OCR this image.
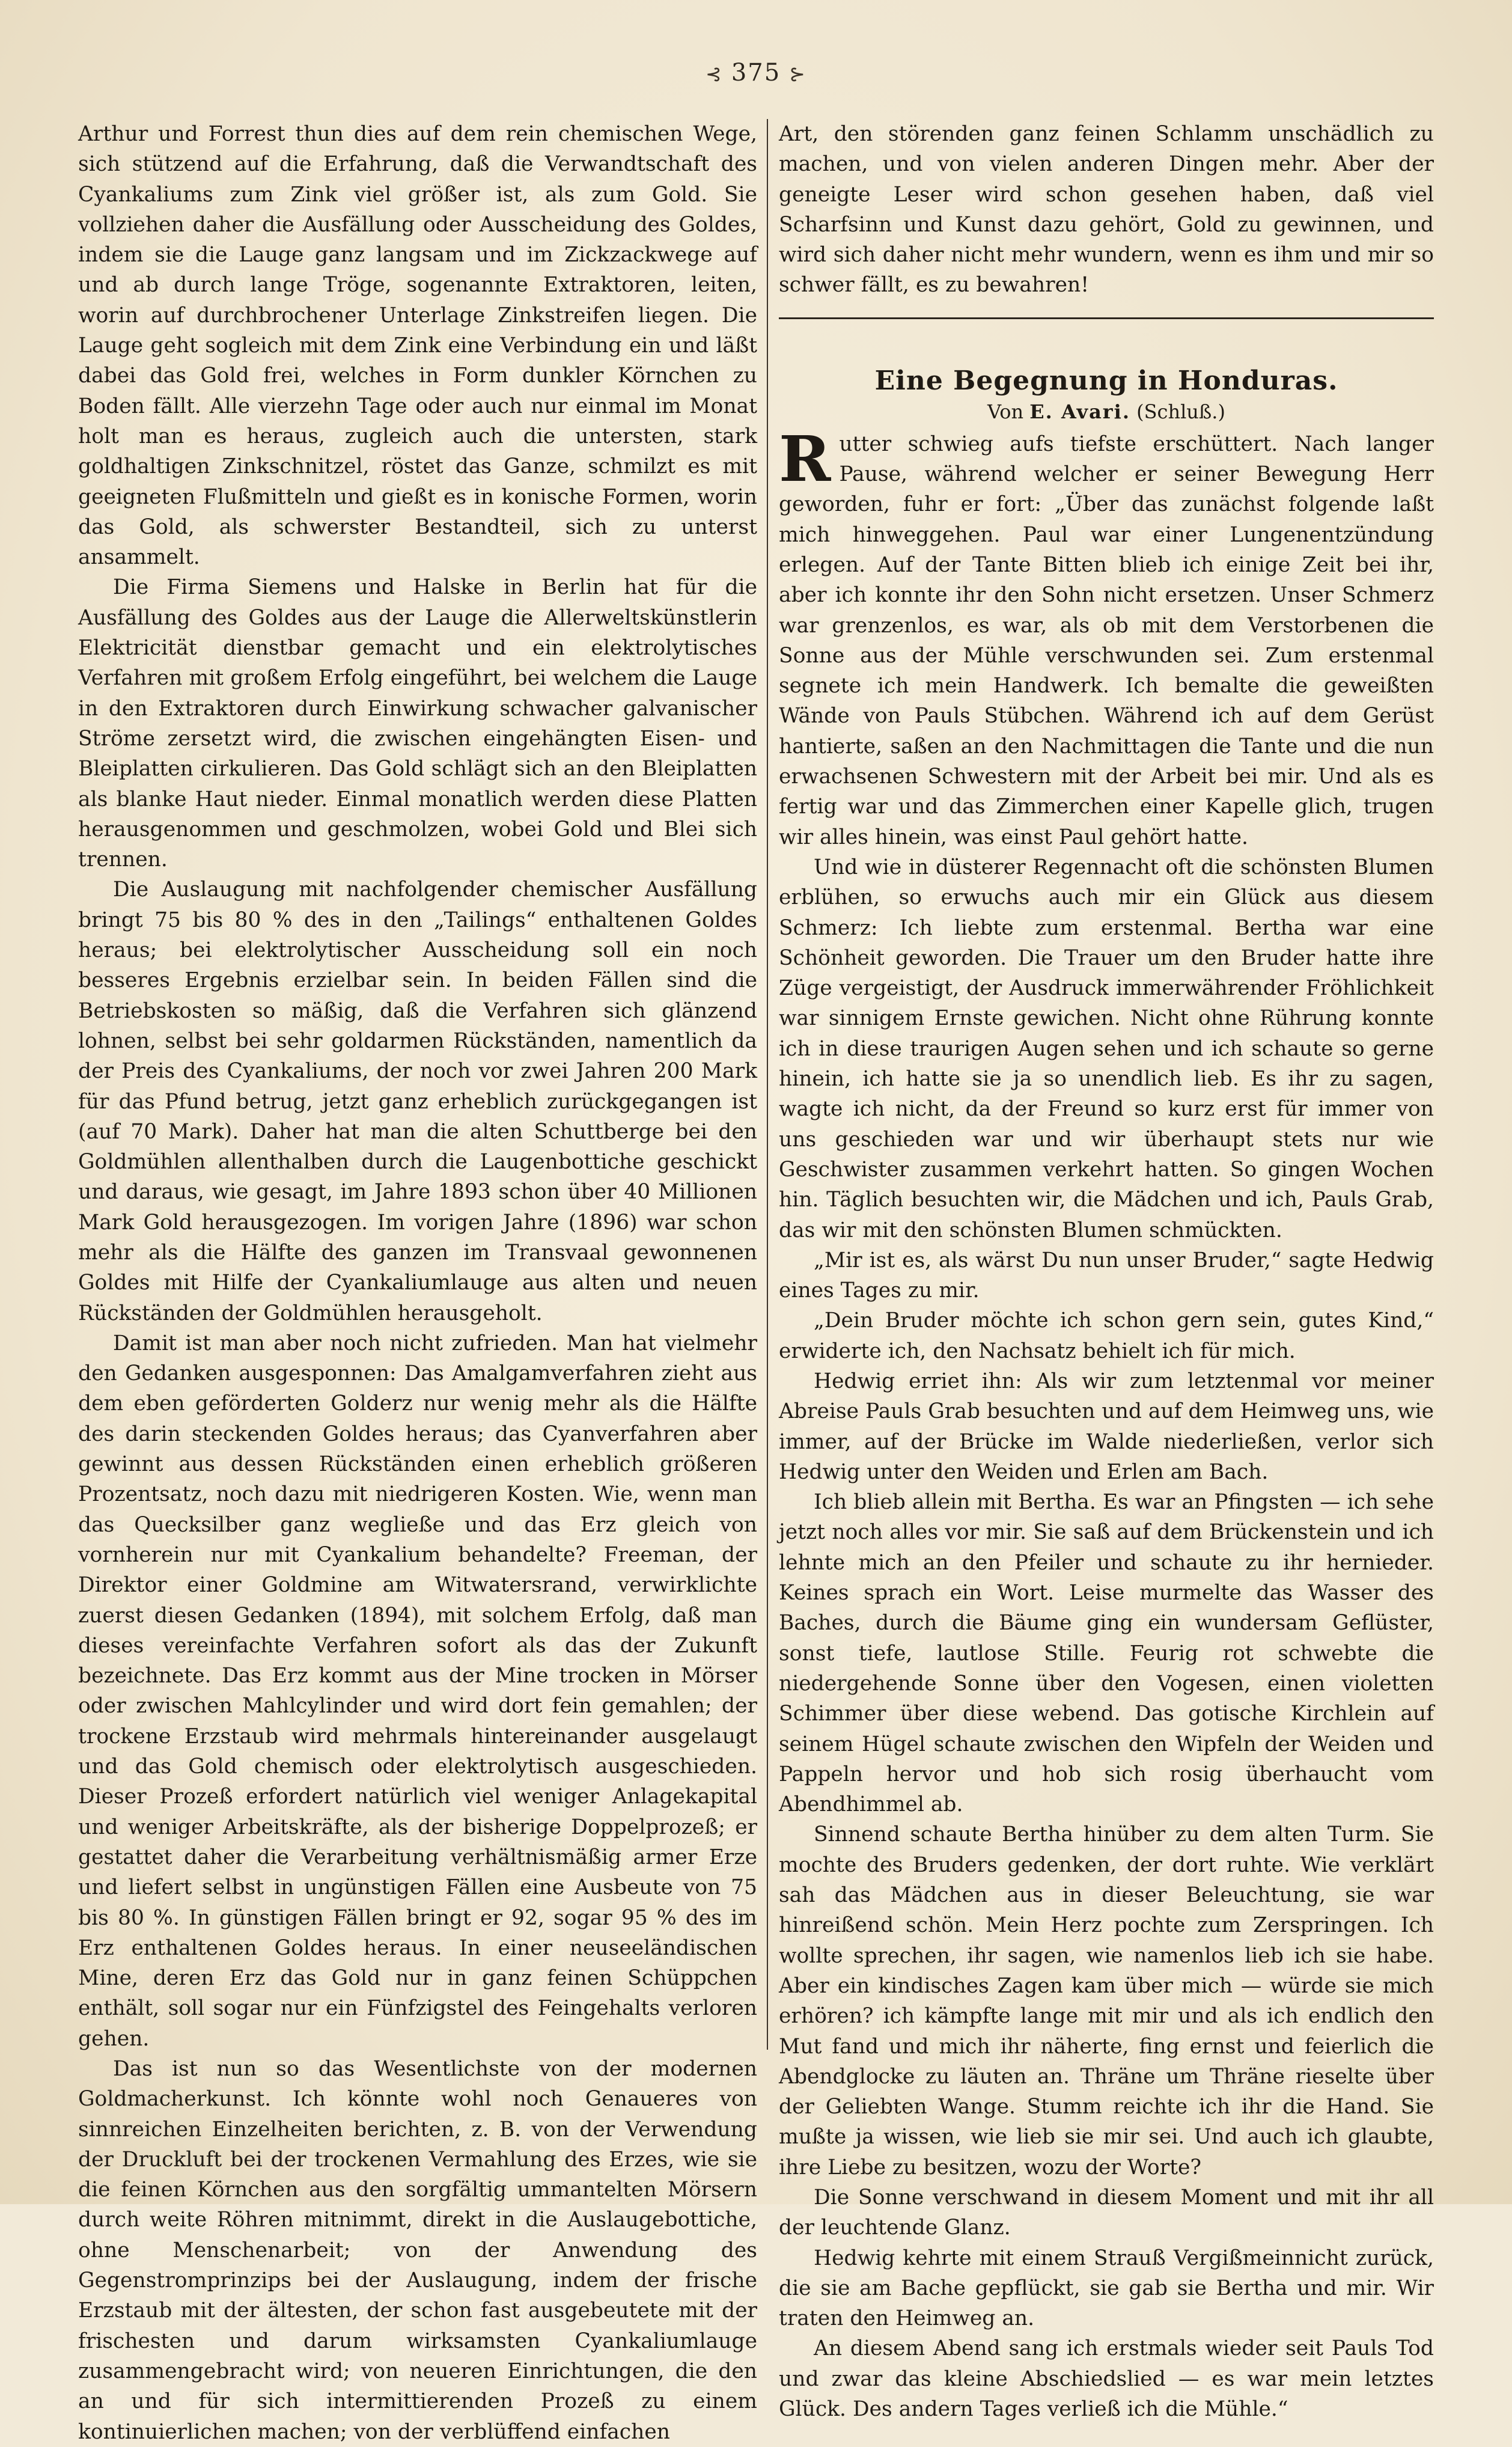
⊰ 375 ⊱

Arthur und Forrest thun dies auf dem rein chemischen Wege, sich stützend auf die Erfahrung, daß die Verwandtschaft des Cyankaliums zum Zink viel größer ist, als zum Gold. Sie vollziehen daher die Ausfällung oder Ausscheidung des Goldes, indem sie die Lauge ganz langsam und im Zickzackwege auf und ab durch lange Tröge, sogenannte Extraktoren, leiten, worin auf durchbrochener Unterlage Zinkstreifen liegen. Die Lauge geht sogleich mit dem Zink eine Verbindung ein und läßt dabei das Gold frei, welches in Form dunkler Körnchen zu Boden fällt. Alle vierzehn Tage oder auch nur einmal im Monat holt man es heraus, zugleich auch die untersten, stark goldhaltigen Zinkschnitzel, röstet das Ganze, schmilzt es mit geeigneten Flußmitteln und gießt es in konische Formen, worin das Gold, als schwerster Bestandteil, sich zu unterst ansammelt.

Die Firma Siemens und Halske in Berlin hat für die Ausfällung des Goldes aus der Lauge die Allerweltskünstlerin Elektricität dienstbar gemacht und ein elektrolytisches Verfahren mit großem Erfolg eingeführt, bei welchem die Lauge in den Extraktoren durch Einwirkung schwacher galvanischer Ströme zersetzt wird, die zwischen eingehängten Eisen- und Bleiplatten cirkulieren. Das Gold schlägt sich an den Bleiplatten als blanke Haut nieder. Einmal monatlich werden diese Platten herausgenommen und geschmolzen, wobei Gold und Blei sich trennen.

Die Auslaugung mit nachfolgender chemischer Ausfällung bringt 75 bis 80 % des in den „Tailings“ enthaltenen Goldes heraus; bei elektrolytischer Ausscheidung soll ein noch besseres Ergebnis erzielbar sein. In beiden Fällen sind die Betriebskosten so mäßig, daß die Verfahren sich glänzend lohnen, selbst bei sehr goldarmen Rückständen, namentlich da der Preis des Cyankaliums, der noch vor zwei Jahren 200 Mark für das Pfund betrug, jetzt ganz erheblich zurückgegangen ist (auf 70 Mark). Daher hat man die alten Schuttberge bei den Goldmühlen allenthalben durch die Laugenbottiche geschickt und daraus, wie gesagt, im Jahre 1893 schon über 40 Millionen Mark Gold herausgezogen. Im vorigen Jahre (1896) war schon mehr als die Hälfte des ganzen im Transvaal gewonnenen Goldes mit Hilfe der Cyankaliumlauge aus alten und neuen Rückständen der Goldmühlen herausgeholt.

Damit ist man aber noch nicht zufrieden. Man hat vielmehr den Gedanken ausgesponnen: Das Amalgamverfahren zieht aus dem eben geförderten Golderz nur wenig mehr als die Hälfte des darin steckenden Goldes heraus; das Cyanverfahren aber gewinnt aus dessen Rückständen einen erheblich größeren Prozentsatz, noch dazu mit niedrigeren Kosten. Wie, wenn man das Quecksilber ganz wegließe und das Erz gleich von vornherein nur mit Cyankalium behandelte? Freeman, der Direktor einer Goldmine am Witwatersrand, verwirklichte zuerst diesen Gedanken (1894), mit solchem Erfolg, daß man dieses vereinfachte Verfahren sofort als das der Zukunft bezeichnete. Das Erz kommt aus der Mine trocken in Mörser oder zwischen Mahlcylinder und wird dort fein gemahlen; der trockene Erzstaub wird mehrmals hintereinander ausgelaugt und das Gold chemisch oder elektrolytisch ausgeschieden. Dieser Prozeß erfordert natürlich viel weniger Anlagekapital und weniger Arbeitskräfte, als der bisherige Doppelprozeß; er gestattet daher die Verarbeitung verhältnismäßig armer Erze und liefert selbst in ungünstigen Fällen eine Ausbeute von 75 bis 80 %. In günstigen Fällen bringt er 92, sogar 95 % des im Erz enthaltenen Goldes heraus. In einer neuseeländischen Mine, deren Erz das Gold nur in ganz feinen Schüppchen enthält, soll sogar nur ein Fünfzigstel des Feingehalts verloren gehen.

Das ist nun so das Wesentlichste von der modernen Goldmacherkunst. Ich könnte wohl noch Genaueres von sinnreichen Einzelheiten berichten, z. B. von der Verwendung der Druckluft bei der trockenen Vermahlung des Erzes, wie sie die feinen Körnchen aus den sorgfältig ummantelten Mörsern durch weite Röhren mitnimmt, direkt in die Auslaugebottiche, ohne Menschenarbeit; von der Anwendung des Gegenstromprinzips bei der Auslaugung, indem der frische Erzstaub mit der ältesten, der schon fast ausgebeutete mit der frischesten und darum wirksamsten Cyankaliumlauge zusammengebracht wird; von neueren Einrichtungen, die den an und für sich intermittierenden Prozeß zu einem kontinuierlichen machen; von der verblüffend einfachen

Art, den störenden ganz feinen Schlamm unschädlich zu machen, und von vielen anderen Dingen mehr. Aber der geneigte Leser wird schon gesehen haben, daß viel Scharfsinn und Kunst dazu gehört, Gold zu gewinnen, und wird sich daher nicht mehr wundern, wenn es ihm und mir so schwer fällt, es zu bewahren!

Eine Begegnung in Honduras.
Von E. Avari. (Schluß.)

Rutter schwieg aufs tiefste erschüttert. Nach langer Pause, während welcher er seiner Bewegung Herr geworden, fuhr er fort: „Über das zunächst folgende laßt mich hinweggehen. Paul war einer Lungenentzündung erlegen. Auf der Tante Bitten blieb ich einige Zeit bei ihr, aber ich konnte ihr den Sohn nicht ersetzen. Unser Schmerz war grenzenlos, es war, als ob mit dem Verstorbenen die Sonne aus der Mühle verschwunden sei. Zum erstenmal segnete ich mein Handwerk. Ich bemalte die geweißten Wände von Pauls Stübchen. Während ich auf dem Gerüst hantierte, saßen an den Nachmittagen die Tante und die nun erwachsenen Schwestern mit der Arbeit bei mir. Und als es fertig war und das Zimmerchen einer Kapelle glich, trugen wir alles hinein, was einst Paul gehört hatte.

Und wie in düsterer Regennacht oft die schönsten Blumen erblühen, so erwuchs auch mir ein Glück aus diesem Schmerz: Ich liebte zum erstenmal. Bertha war eine Schönheit geworden. Die Trauer um den Bruder hatte ihre Züge vergeistigt, der Ausdruck immerwährender Fröhlichkeit war sinnigem Ernste gewichen. Nicht ohne Rührung konnte ich in diese traurigen Augen sehen und ich schaute so gerne hinein, ich hatte sie ja so unendlich lieb. Es ihr zu sagen, wagte ich nicht, da der Freund so kurz erst für immer von uns geschieden war und wir überhaupt stets nur wie Geschwister zusammen verkehrt hatten. So gingen Wochen hin. Täglich besuchten wir, die Mädchen und ich, Pauls Grab, das wir mit den schönsten Blumen schmückten.

„Mir ist es, als wärst Du nun unser Bruder,“ sagte Hedwig eines Tages zu mir.

„Dein Bruder möchte ich schon gern sein, gutes Kind,“ erwiderte ich, den Nachsatz behielt ich für mich.

Hedwig erriet ihn: Als wir zum letztenmal vor meiner Abreise Pauls Grab besuchten und auf dem Heimweg uns, wie immer, auf der Brücke im Walde niederließen, verlor sich Hedwig unter den Weiden und Erlen am Bach.

Ich blieb allein mit Bertha. Es war an Pfingsten — ich sehe jetzt noch alles vor mir. Sie saß auf dem Brückenstein und ich lehnte mich an den Pfeiler und schaute zu ihr hernieder. Keines sprach ein Wort. Leise murmelte das Wasser des Baches, durch die Bäume ging ein wundersam Geflüster, sonst tiefe, lautlose Stille. Feurig rot schwebte die niedergehende Sonne über den Vogesen, einen violetten Schimmer über diese webend. Das gotische Kirchlein auf seinem Hügel schaute zwischen den Wipfeln der Weiden und Pappeln hervor und hob sich rosig überhaucht vom Abendhimmel ab.

Sinnend schaute Bertha hinüber zu dem alten Turm. Sie mochte des Bruders gedenken, der dort ruhte. Wie verklärt sah das Mädchen aus in dieser Beleuchtung, sie war hinreißend schön. Mein Herz pochte zum Zerspringen. Ich wollte sprechen, ihr sagen, wie namenlos lieb ich sie habe. Aber ein kindisches Zagen kam über mich — würde sie mich erhören? ich kämpfte lange mit mir und als ich endlich den Mut fand und mich ihr näherte, fing ernst und feierlich die Abendglocke zu läuten an. Thräne um Thräne rieselte über der Geliebten Wange. Stumm reichte ich ihr die Hand. Sie mußte ja wissen, wie lieb sie mir sei. Und auch ich glaubte, ihre Liebe zu besitzen, wozu der Worte?

Die Sonne verschwand in diesem Moment und mit ihr all der leuchtende Glanz.

Hedwig kehrte mit einem Strauß Vergißmeinnicht zurück, die sie am Bache gepflückt, sie gab sie Bertha und mir. Wir traten den Heimweg an.

An diesem Abend sang ich erstmals wieder seit Pauls Tod und zwar das kleine Abschiedslied — es war mein letztes Glück. Des andern Tages verließ ich die Mühle.“
